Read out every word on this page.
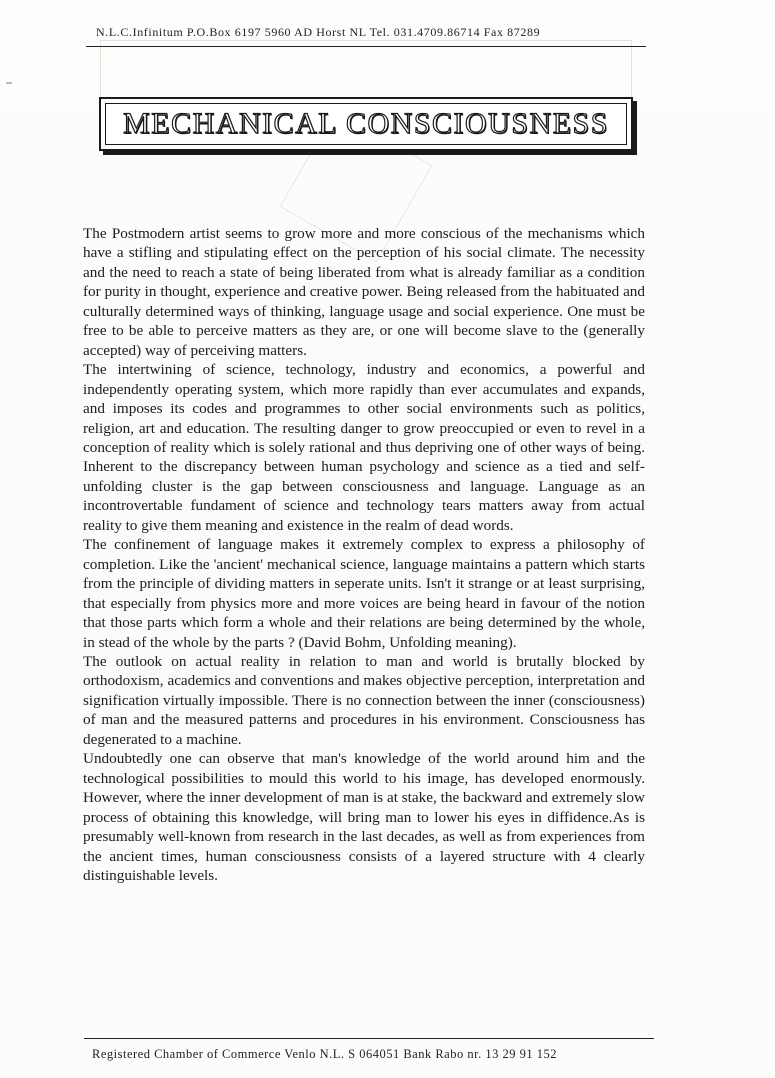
N.L.C.Infinitum P.O.Box 6197 5960 AD Horst NL Tel. 031.4709.86714 Fax 87289
MECHANICAL CONSCIOUSNESS

The Postmodern artist seems to grow more and more conscious of the mechanisms which have a stifling and stipulating effect on the perception of his social climate. The necessity and the need to reach a state of being liberated from what is already familiar as a condition for purity in thought, experience and creative power. Being released from the habituated and culturally determined ways of thinking, language usage and social experience. One must be free to be able to perceive matters as they are, or one will become slave to the (generally accepted) way of perceiving matters.

The intertwining of science, technology, industry and economics, a powerful and independently operating system, which more rapidly than ever accumulates and expands, and imposes its codes and programmes to other social environments such as politics, religion, art and education. The resulting danger to grow preoccupied or even to revel in a conception of reality which is solely rational and thus depriving one of other ways of being. Inherent to the discrepancy between human psychology and science as a tied and self-unfolding cluster is the gap between consciousness and language. Language as an incontrovertable fundament of science and technology tears matters away from actual reality to give them meaning and existence in the realm of dead words.

The confinement of language makes it extremely complex to express a philosophy of completion. Like the 'ancient' mechanical science, language maintains a pattern which starts from the principle of dividing matters in seperate units. Isn't it strange or at least surprising, that especially from physics more and more voices are being heard in favour of the notion that those parts which form a whole and their relations are being determined by the whole, in stead of the whole by the parts ? (David Bohm, Unfolding meaning).

The outlook on actual reality in relation to man and world is brutally blocked by orthodoxism, academics and conventions and makes objective perception, interpretation and signification virtually impossible. There is no connection between the inner (consciousness) of man and the measured patterns and procedures in his environment. Consciousness has degenerated to a machine.

Undoubtedly one can observe that man's knowledge of the world around him and the technological possibilities to mould this world to his image, has developed enormously. However, where the inner development of man is at stake, the backward and extremely slow process of obtaining this knowledge, will bring man to lower his eyes in diffidence.As is presumably well-known from research in the last decades, as well as from experiences from the ancient times, human consciousness consists of a layered structure with 4 clearly distinguishable levels.

Registered Chamber of Commerce Venlo N.L. S 064051 Bank Rabo nr. 13 29 91 152
